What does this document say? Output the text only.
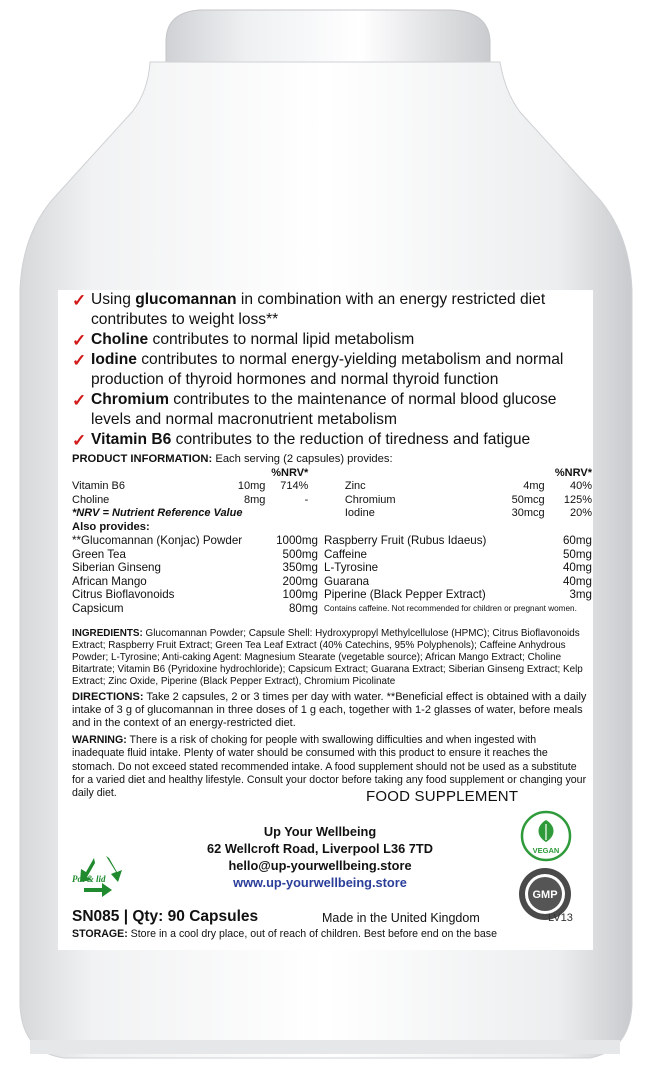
✓ Using glucomannan in combination with an energy restricted diet contributes to weight loss**
✓ Choline contributes to normal lipid metabolism
✓ Iodine contributes to normal energy-yielding metabolism and normal production of thyroid hormones and normal thyroid function
✓ Chromium contributes to the maintenance of normal blood glucose levels and normal macronutrient metabolism
✓ Vitamin B6 contributes to the reduction of tiredness and fatigue
PRODUCT INFORMATION: Each serving (2 capsules) provides:
		%NRV*				%NRV*
Vitamin B6	10mg	714%		Zinc	4mg	40%
Choline	8mg	-		Chromium	50mcg	125%
*NRV = Nutrient Reference Value				Iodine	30mcg	20%
Also provides:
**Glucomannan (Konjac) Powder	1000mg		Raspberry Fruit (Rubus Idaeus)	60mg
Green Tea	500mg		Caffeine	50mg
Siberian Ginseng	350mg		L-Tyrosine	40mg
African Mango	200mg		Guarana	40mg
Citrus Bioflavonoids	100mg		Piperine (Black Pepper Extract)	3mg
Capsicum	80mg		Contains caffeine. Not recommended for children or pregnant women.	
INGREDIENTS: Glucomannan Powder; Capsule Shell: Hydroxypropyl Methylcellulose (HPMC); Citrus Bioflavonoids Extract; Raspberry Fruit Extract; Green Tea Leaf Extract (40% Catechins, 95% Polyphenols); Caffeine Anhydrous Powder; L-Tyrosine; Anti-caking Agent: Magnesium Stearate (vegetable source); African Mango Extract; Choline Bitartrate; Vitamin B6 (Pyridoxine hydrochloride); Capsicum Extract; Guarana Extract; Siberian Ginseng Extract; Kelp Extract; Zinc Oxide, Piperine (Black Pepper Extract), Chromium Picolinate
DIRECTIONS: Take 2 capsules, 2 or 3 times per day with water. **Beneficial effect is obtained with a daily intake of 3 g of glucomannan in three doses of 1 g each, together with 1-2 glasses of water, before meals and in the context of an energy-restricted diet.
WARNING: There is a risk of choking for people with swallowing difficulties and when ingested with inadequate fluid intake. Plenty of water should be consumed with this product to ensure it reaches the stomach. Do not exceed stated recommended intake. A food supplement should not be used as a substitute for a varied diet and healthy lifestyle. Consult your doctor before taking any food supplement or changing your daily diet.	FOOD SUPPLEMENT
Up Your Wellbeing
62 Wellcroft Road, Liverpool L36 7TD
hello@up-yourwellbeing.store
www.up-yourwellbeing.store
Pot & lid
VEGAN
GMP
SN085 | Qty: 90 Capsules	Made in the United Kingdom	LV13
STORAGE: Store in a cool dry place, out of reach of children. Best before end on the base
